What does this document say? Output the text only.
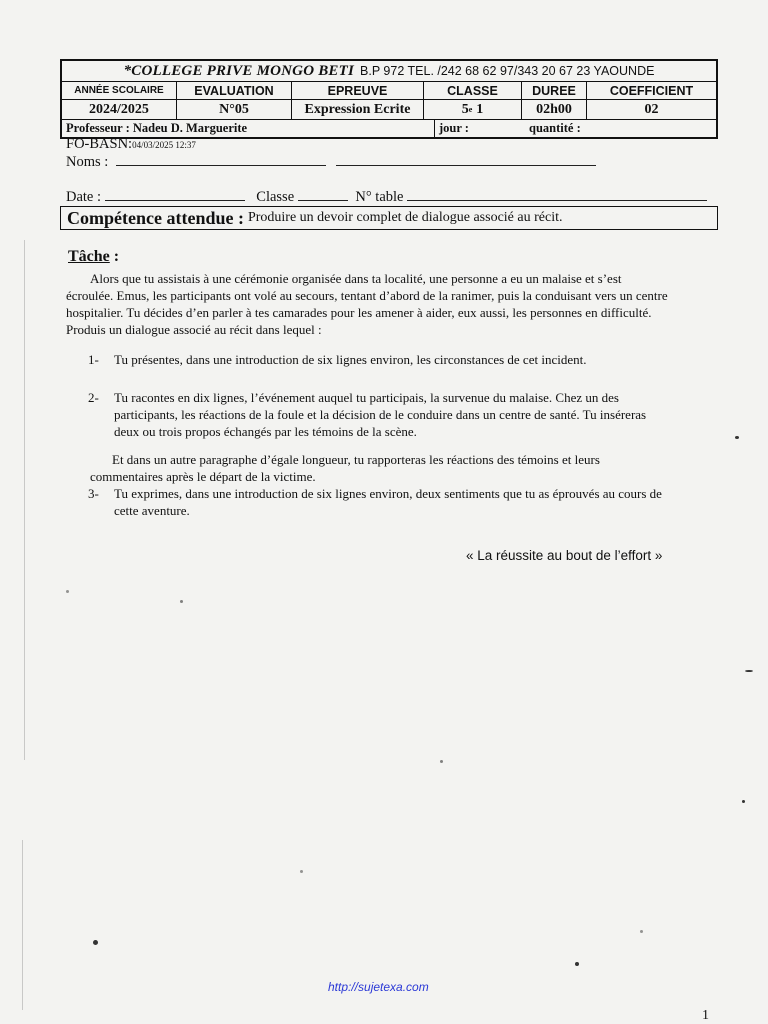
*COLLEGE PRIVE MONGO BETI B.P 972 TEL. /242 68 62 97/343 20 67 23 YAOUNDE
ANNÉE SCOLAIRE	EVALUATION	EPREUVE	CLASSE	DUREE	COEFFICIENT
2024/2025	N°05	Expression Ecrite	5 e 1	02h00	02
Professeur : Nadeu D. Marguerite	jour :	quantité :
FO-BASN:04/03/2025 12:37
Noms :
Date :	Classe	N° table
Compétence attendue : Produire un devoir complet de dialogue associé au récit.
Tâche :

Alors que tu assistais à une cérémonie organisée dans ta localité, une personne a eu un malaise et s’est

écroulée. Emus, les participants ont volé au secours, tentant d’abord de la ranimer, puis la conduisant vers un centre

hospitalier. Tu décides d’en parler à tes camarades pour les amener à aider, eux aussi, les personnes en difficulté.

Produis un dialogue associé au récit dans lequel :

1-	Tu présentes, dans une introduction de six lignes environ, les circonstances de cet incident.
2-	Tu racontes en dix lignes, l’événement auquel tu participais, la survenue du malaise. Chez un des
participants, les réactions de la foule et la décision de le conduire dans un centre de santé. Tu inséreras
deux ou trois propos échangés par les témoins de la scène.

Et dans un autre paragraphe d’égale longueur, tu rapporteras les réactions des témoins et leurs

commentaires après le départ de la victime.

3-	Tu exprimes, dans une introduction de six lignes environ, deux sentiments que tu as éprouvés au cours de
cette aventure.
« La réussite au bout de l’effort »
http://sujetexa.com
1
